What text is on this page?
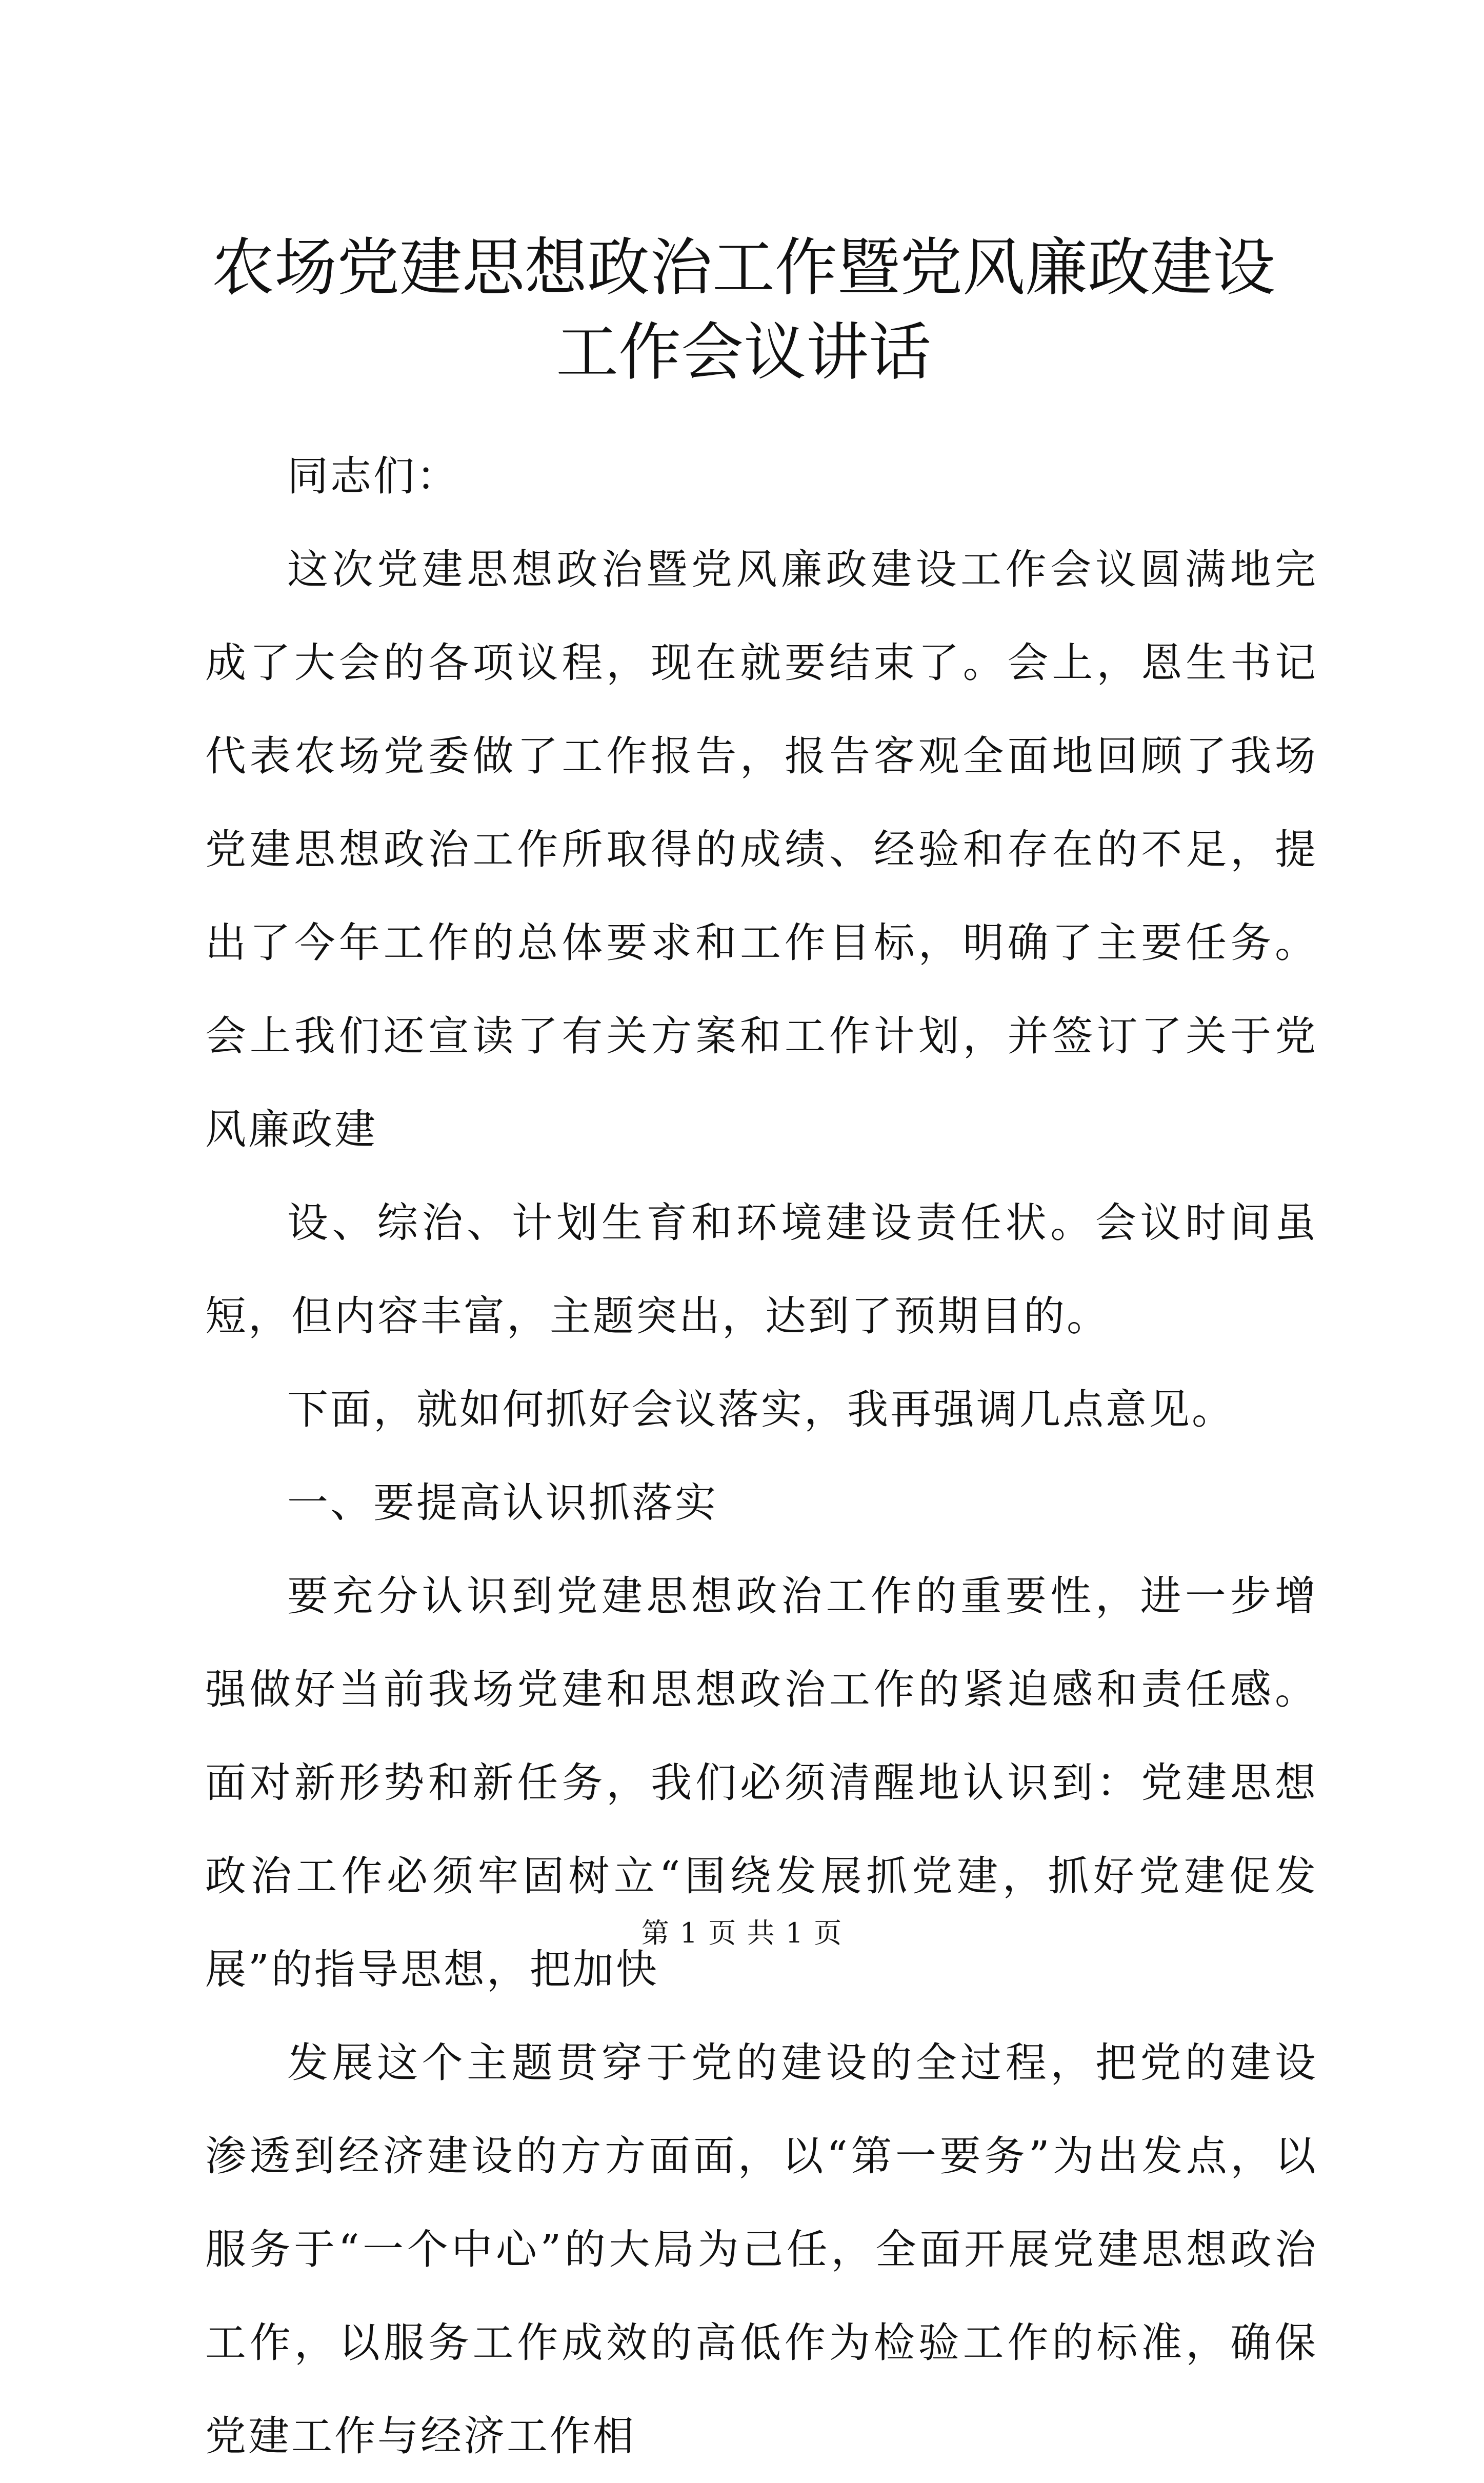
农场党建思想政治工作暨党风廉政建设工作会议讲话

同志们：

这次党建思想政治暨党风廉政建设工作会议圆满地完成了大会的各项议程，现在就要结束了。会上，恩生书记代表农场党委做了工作报告，报告客观全面地回顾了我场党建思想政治工作所取得的成绩、经验和存在的不足，提出了今年工作的总体要求和工作目标，明确了主要任务。会上我们还宣读了有关方案和工作计划，并签订了关于党风廉政建

设、综治、计划生育和环境建设责任状。会议时间虽短，但内容丰富，主题突出，达到了预期目的。

下面，就如何抓好会议落实，我再强调几点意见。

一、要提高认识抓落实

要充分认识到党建思想政治工作的重要性，进一步增强做好当前我场党建和思想政治工作的紧迫感和责任感。面对新形势和新任务，我们必须清醒地认识到：党建思想政治工作必须牢固树立“围绕发展抓党建，抓好党建促发展”的指导思想，把加快

发展这个主题贯穿于党的建设的全过程，把党的建设渗透到经济建设的方方面面，以“第一要务”为出发点，以服务于“一个中心”的大局为己任，全面开展党建思想政治工作，以服务工作成效的高低作为检验工作的标准，确保党建工作与经济工作相

第 1 页 共 1 页
